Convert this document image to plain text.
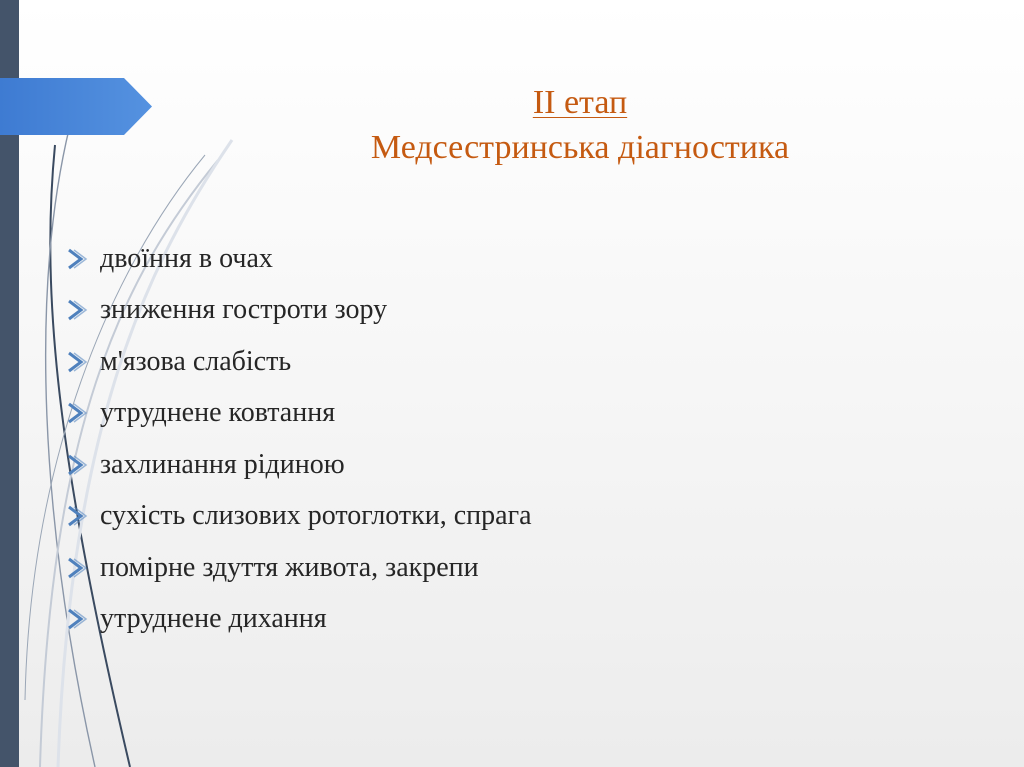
II етап
Медсестринська діагностика
двоїння в очах
зниження гостроти зору
м'язова слабість
утруднене ковтання
захлинання рідиною
сухість слизових ротоглотки, спрага
помірне здуття живота, закрепи
утруднене дихання
